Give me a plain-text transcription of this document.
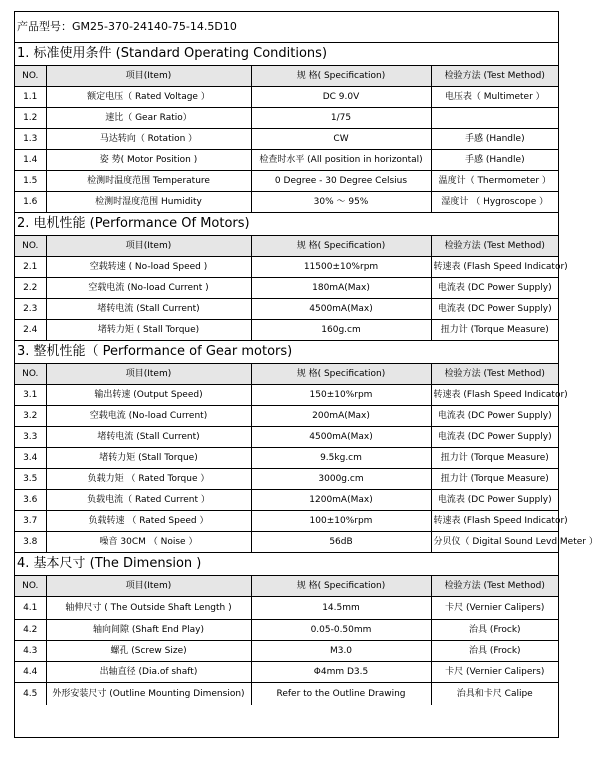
产品型号：GM25-370-24140-75-14.5D10			
1. 标准使用条件 (Standard Operating Conditions)			
NO.	项目(Item)	规 格( Specification)	检验方法 (Test Method)
1.1	额定电压（ Rated Voltage ）	DC 9.0V	电压表（ Multimeter ）
1.2	速比（ Gear Ratio）	1/75	
1.3	马达转向（ Rotation ）	CW	手感 (Handle)
1.4	姿 势( Motor Position )	检查时水平 (All position in horizontal)	手感 (Handle)
1.5	检测时温度范围 Temperature	0 Degree - 30 Degree Celsius	温度计（ Thermometer ）
1.6	检测时湿度范围 Humidity	30% ～ 95%	湿度计 （ Hygroscope ）
2. 电机性能 (Performance Of Motors)			
NO.	项目(Item)	规 格( Specification)	检验方法 (Test Method)
2.1	空载转速 ( No-load Speed )	11500±10%rpm	转速表 (Flash Speed Indicator)
2.2	空载电流 (No-load Current )	180mA(Max)	电流表 (DC Power Supply)
2.3	堵转电流 (Stall Current)	4500mA(Max)	电流表 (DC Power Supply)
2.4	堵转力矩 ( Stall Torque)	160g.cm	扭力计 (Torque Measure)
3. 整机性能（ Performance of Gear motors)			
NO.	项目(Item)	规 格( Specification)	检验方法 (Test Method)
3.1	输出转速 (Output Speed)	150±10%rpm	转速表 (Flash Speed Indicator)
3.2	空载电流 (No-load Current)	200mA(Max)	电流表 (DC Power Supply)
3.3	堵转电流 (Stall Current)	4500mA(Max)	电流表 (DC Power Supply)
3.4	堵转力矩 (Stall Torque)	9.5kg.cm	扭力计 (Torque Measure)
3.5	负载力矩 （ Rated Torque ）	3000g.cm	扭力计 (Torque Measure)
3.6	负载电流（ Rated Current ）	1200mA(Max)	电流表 (DC Power Supply)
3.7	负载转速 （ Rated Speed ）	100±10%rpm	转速表 (Flash Speed Indicator)
3.8	噪音 30CM （ Noise ）	56dB	分贝仪（ Digital Sound Levd Meter ）
4. 基本尺寸 (The Dimension )			
NO.	项目(Item)	规 格( Specification)	检验方法 (Test Method)
4.1	轴伸尺寸 ( The Outside Shaft Length )	14.5mm	卡尺 (Vernier Calipers)
4.2	轴向间隙 (Shaft End Play)	0.05-0.50mm	治具 (Frock)
4.3	螺孔 (Screw Size)	M3.0	治具 (Frock)
4.4	出轴直径 (Dia.of shaft)	Φ4mm D3.5	卡尺 (Vernier Calipers)
4.5	外形安装尺寸 (Outline Mounting Dimension)	Refer to the Outline Drawing	治具和卡尺 Calipe
